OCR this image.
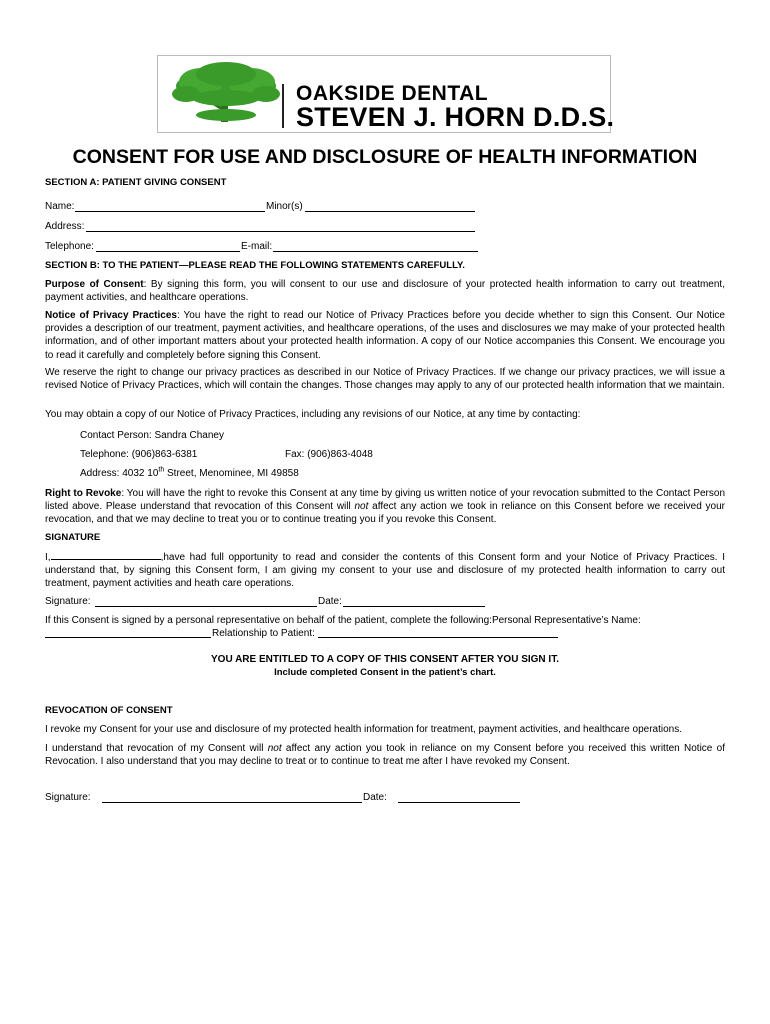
OAKSIDE DENTAL
STEVEN J. HORN D.D.S.
CONSENT FOR USE AND DISCLOSURE OF HEALTH INFORMATION
SECTION A: PATIENT GIVING CONSENT
Name:	Minor(s)
Address:
Telephone:	E-mail:
SECTION B: TO THE PATIENT—PLEASE READ THE FOLLOWING STATEMENTS CAREFULLY.
Purpose of Consent: By signing this form, you will consent to our use and disclosure of your protected health information to carry out treatment, payment activities, and healthcare operations.
Notice of Privacy Practices: You have the right to read our Notice of Privacy Practices before you decide whether to sign this Consent. Our Notice provides a description of our treatment, payment activities, and healthcare operations, of the uses and disclosures we may make of your protected health information, and of other important matters about your protected health information. A copy of our Notice accompanies this Consent. We encourage you to read it carefully and completely before signing this Consent.
We reserve the right to change our privacy practices as described in our Notice of Privacy Practices. If we change our privacy practices, we will issue a revised Notice of Privacy Practices, which will contain the changes. Those changes may apply to any of our protected health information that we maintain.
You may obtain a copy of our Notice of Privacy Practices, including any revisions of our Notice, at any time by contacting:
Contact Person: Sandra Chaney
Telephone: (906)863-6381	Fax: (906)863-4048
Address: 4032 10th Street, Menominee, MI 49858
Right to Revoke: You will have the right to revoke this Consent at any time by giving us written notice of your revocation submitted to the Contact Person listed above. Please understand that revocation of this Consent will not affect any action we took in reliance on this Consent before we received your revocation, and that we may decline to treat you or to continue treating you if you revoke this Consent.
SIGNATURE
I,	,have had full opportunity to read and consider the contents of this Consent form and your Notice of Privacy Practices. I understand that, by signing this Consent form, I am giving my consent to your use and disclosure of my protected health information to carry out treatment, payment activities and heath care operations.
Signature:	Date:
If this Consent is signed by a personal representative on behalf of the patient, complete the following:Personal Representative’s Name:
Relationship to Patient:
YOU ARE ENTITLED TO A COPY OF THIS CONSENT AFTER YOU SIGN IT.
Include completed Consent in the patient’s chart.
REVOCATION OF CONSENT
I revoke my Consent for your use and disclosure of my protected health information for treatment, payment activities, and healthcare operations.
I understand that revocation of my Consent will not affect any action you took in reliance on my Consent before you received this written Notice of Revocation. I also understand that you may decline to treat or to continue to treat me after I have revoked my Consent.
Signature:	Date:
